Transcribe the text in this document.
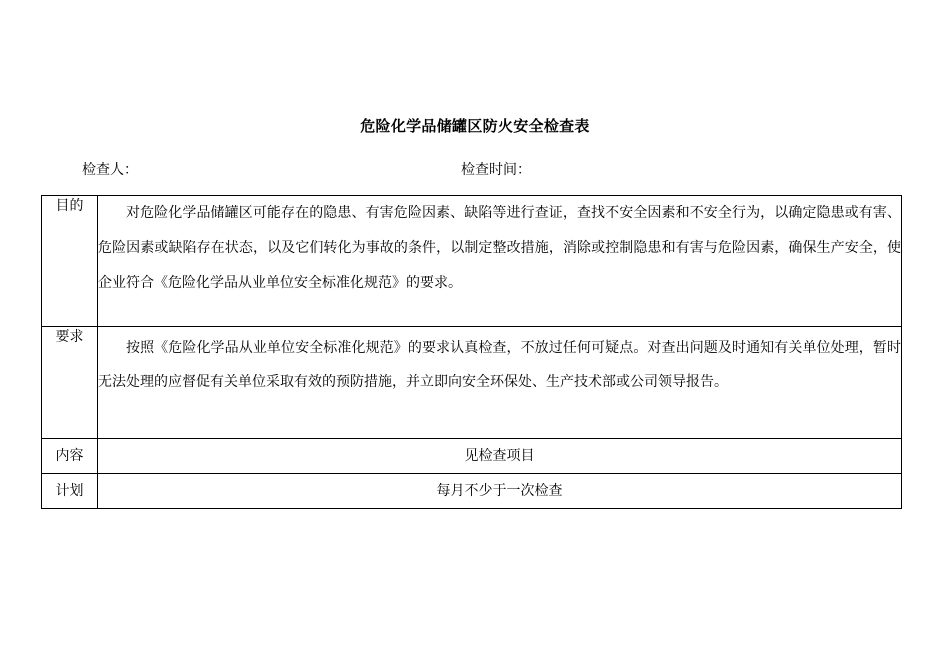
危险化学品储罐区防火安全检查表
检查人：	检查时间：
目的	对危险化学品储罐区可能存在的隐患、有害危险因素、缺陷等进行查证，查找不安全因素和不安全行为，以确定隐患或有害、危险因素或缺陷存在状态，以及它们转化为事故的条件，以制定整改措施，消除或控制隐患和有害与危险因素，确保生产安全，使企业符合《危险化学品从业单位安全标准化规范》的要求。
要求	按照《危险化学品从业单位安全标准化规范》的要求认真检查，不放过任何可疑点。对查出问题及时通知有关单位处理，暂时无法处理的应督促有关单位采取有效的预防措施，并立即向安全环保处、生产技术部或公司领导报告。
内容	见检查项目
计划	每月不少于一次检查
